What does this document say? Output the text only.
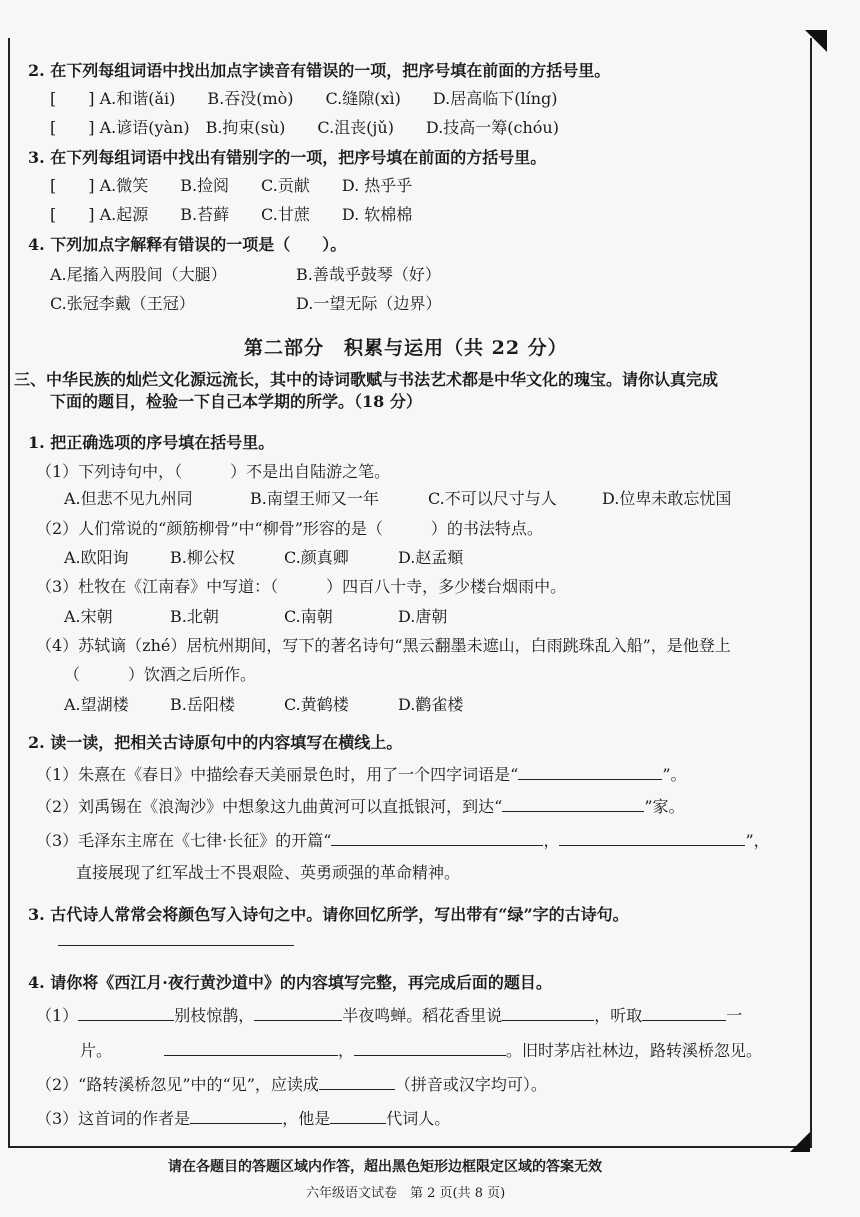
2. 在下列每组词语中找出加点字读音有错误的一项，把序号填在前面的方括号里。
[　　] A.和谐(ǎi)　　B.吞没(mò)　　C.缝隙(xì)　　D.居高临下(líng)
[　　] A.谚语(yàn)　B.拘束(sù)　　C.沮丧(jǔ)　　D.技高一筹(chóu)
3. 在下列每组词语中找出有错别字的一项，把序号填在前面的方括号里。
[　　] A.微笑　　B.捡阅　　C.贡献　　D. 热乎乎
[　　] A.起源　　B.苔藓　　C.甘蔗　　D. 软棉棉
4. 下列加点字解释有错误的一项是（　　）。
A.尾搐入两股间（大腿）	B.善哉乎鼓琴（好）
C.张冠李戴（王冠）	D.一望无际（边界）
第二部分　积累与运用（共 22 分）
三、中华民族的灿烂文化源远流长，其中的诗词歌赋与书法艺术都是中华文化的瑰宝。请你认真完成
下面的题目，检验一下自己本学期的所学。（18 分）
1. 把正确选项的序号填在括号里。
（1）下列诗句中，（　　　）不是出自陆游之笔。
A.但悲不见九州同	B.南望王师又一年	C.不可以尺寸与人	D.位卑未敢忘忧国
（2）人们常说的“颜筋柳骨”中“柳骨”形容的是（　　　）的书法特点。
A.欧阳询	B.柳公权	C.颜真卿	D.赵孟頫
（3）杜牧在《江南春》中写道：（　　　）四百八十寺，多少楼台烟雨中。
A.宋朝	B.北朝	C.南朝	D.唐朝
（4）苏轼谪（zhé）居杭州期间，写下的著名诗句“黑云翻墨未遮山，白雨跳珠乱入船”，是他登上
（　　　）饮酒之后所作。
A.望湖楼	B.岳阳楼	C.黄鹤楼	D.鹳雀楼
2. 读一读，把相关古诗原句中的内容填写在横线上。
（1）朱熹在《春日》中描绘春天美丽景色时，用了一个四字词语是“	”。
（2）刘禹锡在《浪淘沙》中想象这九曲黄河可以直抵银河，到达“	”家。
（3）毛泽东主席在《七律·长征》的开篇“	，	”，
直接展现了红军战士不畏艰险、英勇顽强的革命精神。
3. 古代诗人常常会将颜色写入诗句之中。请你回忆所学，写出带有“绿”字的古诗句。
4. 请你将《西江月·夜行黄沙道中》的内容填写完整，再完成后面的题目。
（1）	别枝惊鹊，	半夜鸣蝉。稻花香里说	，听取	一
片。	，	。旧时茅店社林边，路转溪桥忽见。
（2）“路转溪桥忽见”中的“见”，应读成	（拼音或汉字均可）。
（3）这首词的作者是	，他是	代词人。
请在各题目的答题区域内作答，超出黑色矩形边框限定区域的答案无效
六年级语文试卷　第 2 页(共 8 页)
